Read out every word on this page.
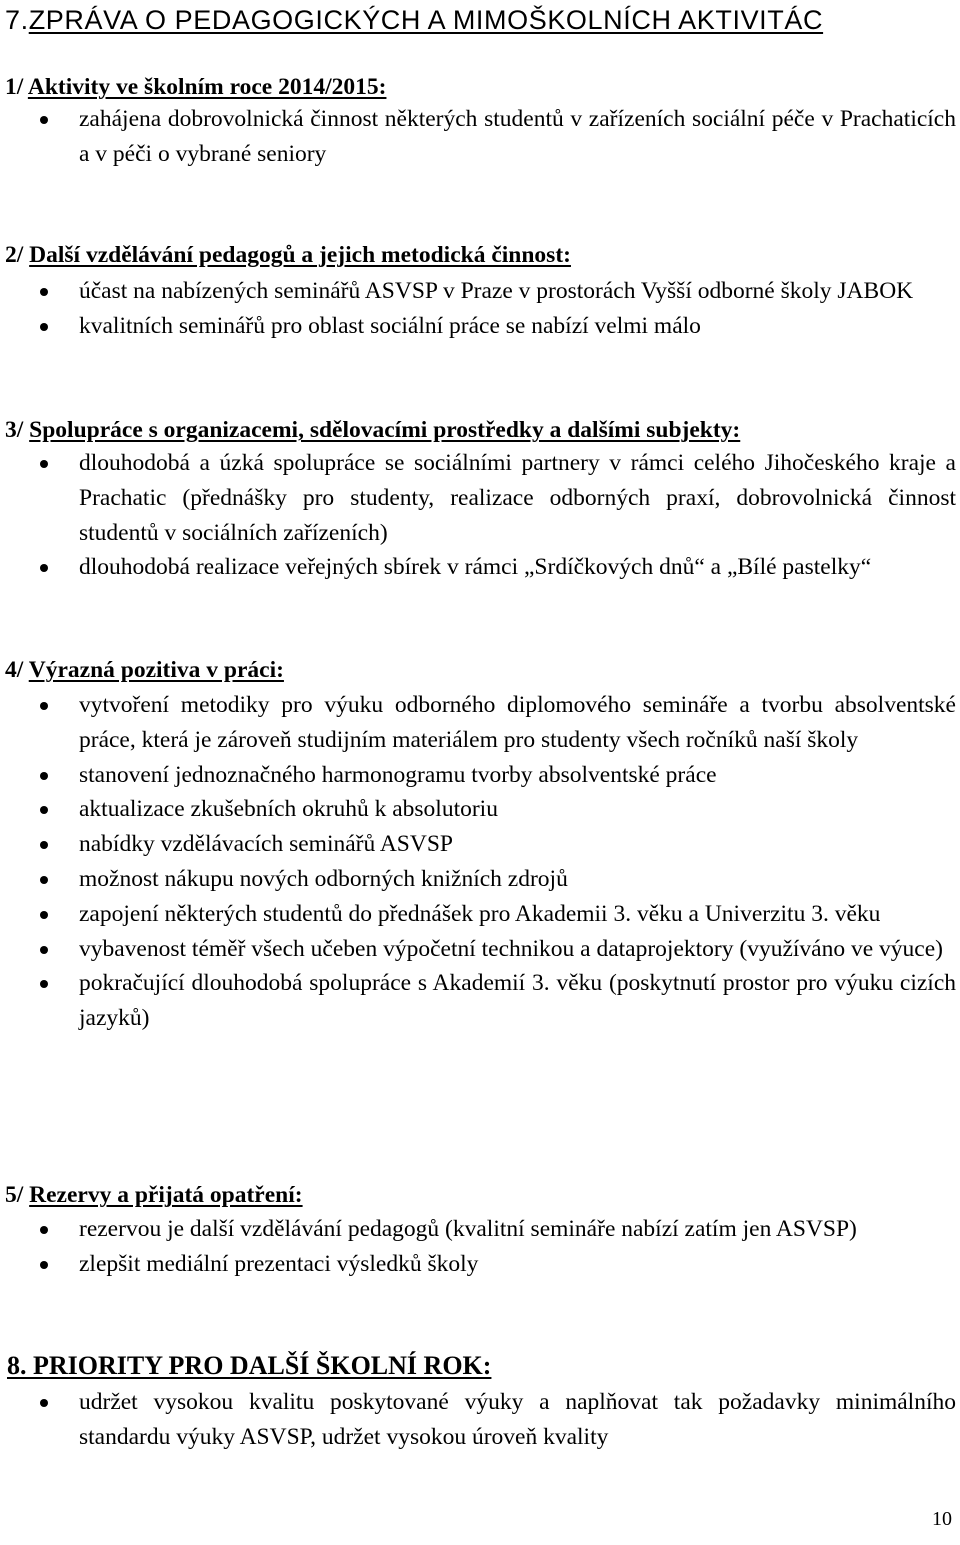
7.ZPRÁVA O PEDAGOGICKÝCH A MIMOŠKOLNÍCH AKTIVITÁC
1/ Aktivity ve školním roce 2014/2015:
zahájena dobrovolnická činnost některých studentů v zařízeních sociální péče v Prachaticích a v péči o vybrané seniory
2/ Další vzdělávání pedagogů a jejich metodická činnost:
účast na nabízených seminářů ASVSP v Praze v prostorách Vyšší odborné školy JABOK
kvalitních seminářů pro oblast sociální práce se nabízí velmi málo
3/ Spolupráce s organizacemi, sdělovacími prostředky a dalšími subjekty:
dlouhodobá a úzká spolupráce se sociálními partnery v rámci celého Jihočeského kraje a Prachatic (přednášky pro studenty, realizace odborných praxí, dobrovolnická činnost studentů v sociálních zařízeních)
dlouhodobá realizace veřejných sbírek v rámci „Srdíčkových dnů“ a „Bílé pastelky“
4/ Výrazná pozitiva v práci:
vytvoření metodiky pro výuku odborného diplomového semináře a tvorbu absolventské práce, která je zároveň studijním materiálem pro studenty všech ročníků naší školy
stanovení jednoznačného harmonogramu tvorby absolventské práce
aktualizace zkušebních okruhů k absolutoriu
nabídky vzdělávacích seminářů ASVSP
možnost nákupu nových odborných knižních zdrojů
zapojení některých studentů do přednášek pro Akademii 3. věku a Univerzitu 3. věku
vybavenost téměř všech učeben výpočetní technikou a dataprojektory (využíváno ve výuce)
pokračující dlouhodobá spolupráce s Akademií 3. věku (poskytnutí prostor pro výuku cizích jazyků)
5/ Rezervy a přijatá opatření:
rezervou je další vzdělávání pedagogů (kvalitní semináře nabízí zatím jen ASVSP)
zlepšit mediální prezentaci výsledků školy
8. PRIORITY PRO DALŠÍ ŠKOLNÍ ROK:
udržet vysokou kvalitu poskytované výuky a naplňovat tak požadavky minimálního standardu výuky ASVSP, udržet vysokou úroveň kvality
10
